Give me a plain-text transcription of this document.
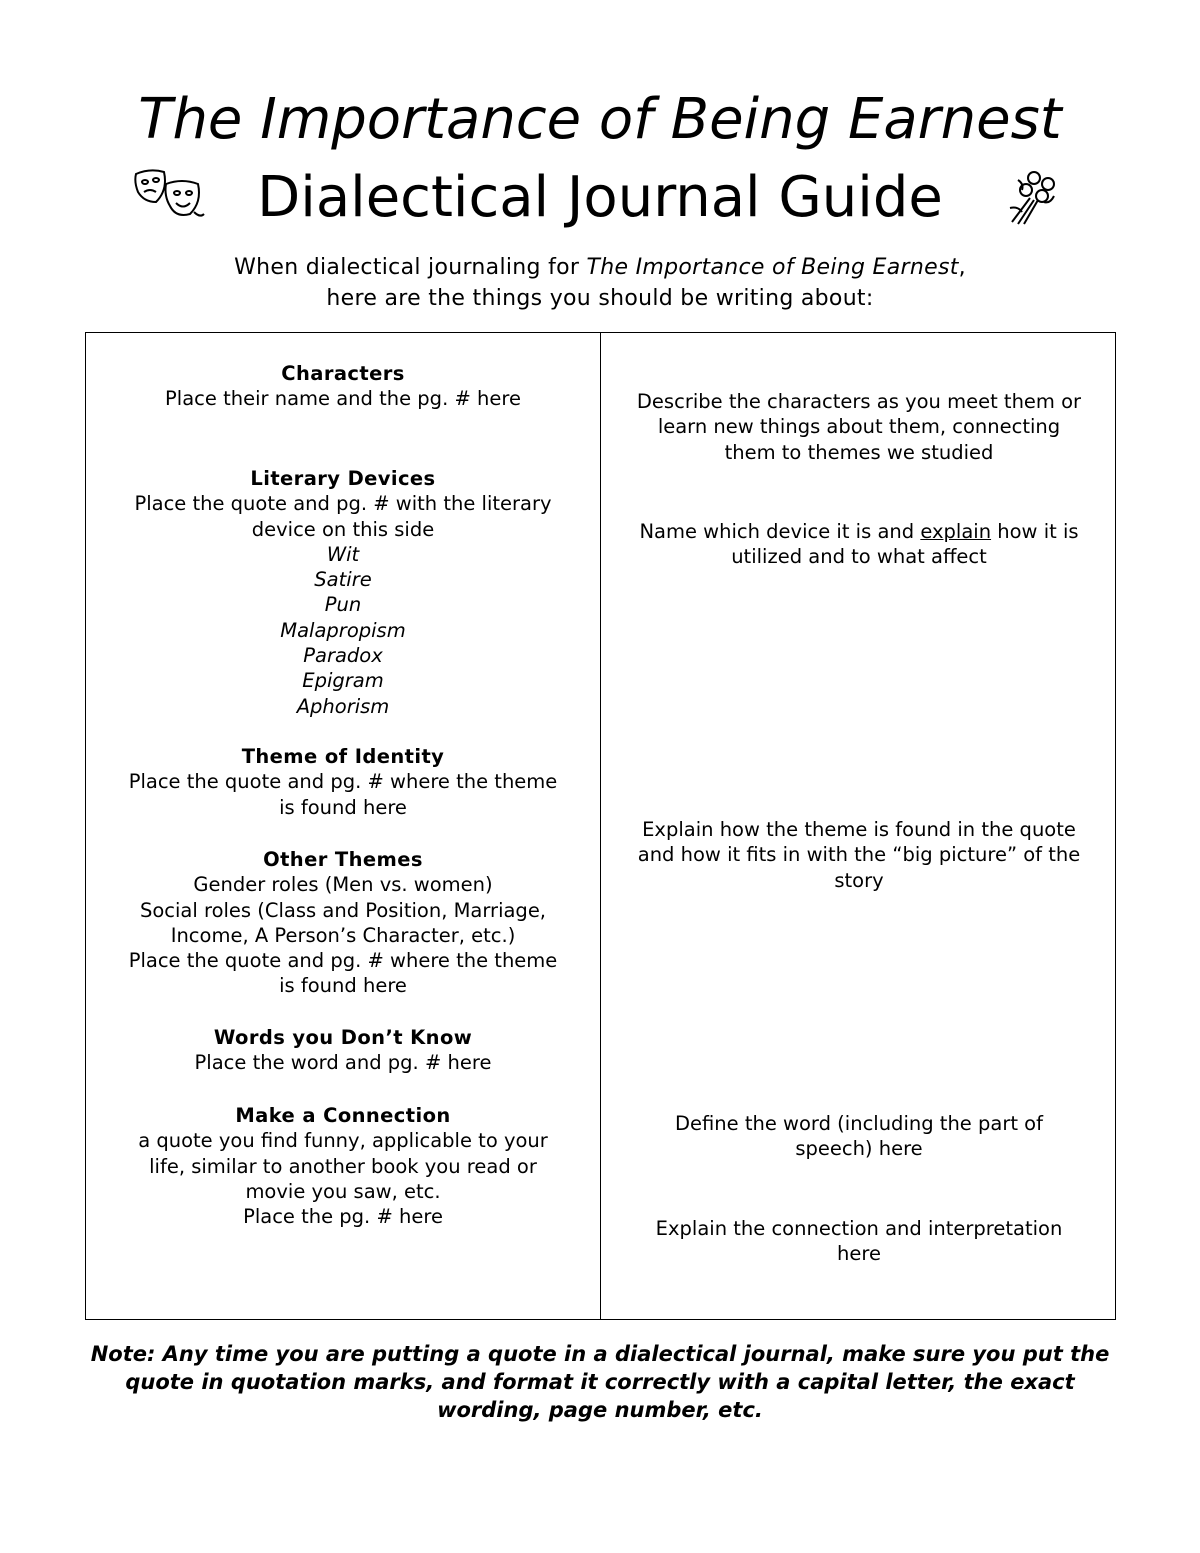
The Importance of Being Earnest
Dialectical Journal Guide
When dialectical journaling for The Importance of Being Earnest,
here are the things you should be writing about:
Characters
Place their name and the pg. # here
Literary Devices
Place the quote and pg. # with the literary
device on this side
Wit
Satire
Pun
Malapropism
Paradox
Epigram
Aphorism
Theme of Identity
Place the quote and pg. # where the theme
is found here
Other Themes
Gender roles (Men vs. women)
Social roles (Class and Position, Marriage,
Income, A Person’s Character, etc.)
Place the quote and pg. # where the theme
is found here
Words you Don’t Know
Place the word and pg. # here
Make a Connection
a quote you find funny, applicable to your
life, similar to another book you read or
movie you saw, etc.
Place the pg. # here
Describe the characters as you meet them or
learn new things about them, connecting
them to themes we studied
Name which device it is and explain how it is
utilized and to what affect
Explain how the theme is found in the quote
and how it fits in with the “big picture” of the
story
Define the word (including the part of
speech) here
Explain the connection and interpretation
here
Note: Any time you are putting a quote in a dialectical journal, make sure you put the
quote in quotation marks, and format it correctly with a capital letter, the exact
wording, page number, etc.
